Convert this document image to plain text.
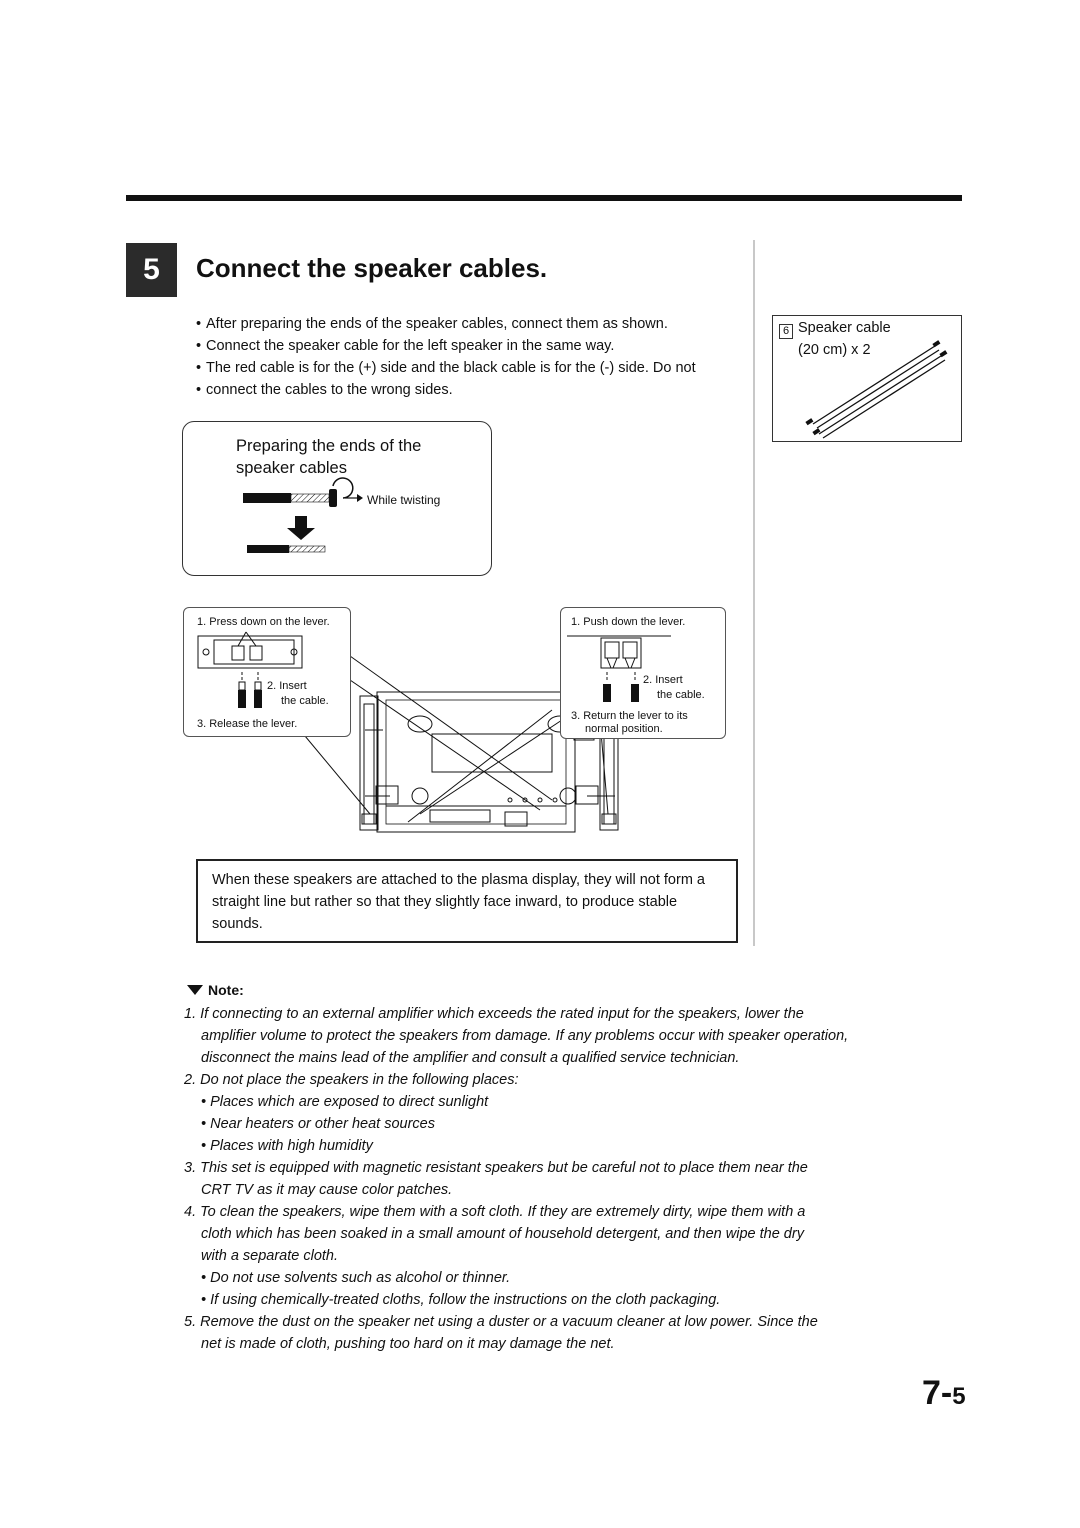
5	Connect the speaker cables.
• After preparing the ends of the speaker cables, connect them as shown.
• Connect the speaker cable for the left speaker in the same way.
• The red cable is for the (+) side and the black cable is for the (-) side. Do not
• connect the cables to the wrong sides.
6 Speaker cable
(20 cm) x 2
Preparing the ends of the speaker cables
While twisting
1. Press down on the lever.
2. Insert
the cable.
3. Release the lever.
1. Push down the lever.
2. Insert
the cable.
3. Return the lever to its
normal position.
When these speakers are attached to the plasma display, they will not form a straight line but rather so that they slightly face inward, to produce stable sounds.
Note:
1. If connecting to an external amplifier which exceeds the rated input for the speakers, lower the
amplifier volume to protect the speakers from damage. If any problems occur with speaker operation,
disconnect the mains lead of the amplifier and consult a qualified service technician.
2. Do not place the speakers in the following places:
• Places which are exposed to direct sunlight
• Near heaters or other heat sources
• Places with high humidity
3. This set is equipped with magnetic resistant speakers but be careful not to place them near the
CRT TV as it may cause color patches.
4. To clean the speakers, wipe them with a soft cloth. If they are extremely dirty, wipe them with a
cloth which has been soaked in a small amount of household detergent, and then wipe the dry
with a separate cloth.
• Do not use solvents such as alcohol or thinner.
• If using chemically-treated cloths, follow the instructions on the cloth packaging.
5. Remove the dust on the speaker net using a duster or a vacuum cleaner at low power. Since the
net is made of cloth, pushing too hard on it may damage the net.
7-5
